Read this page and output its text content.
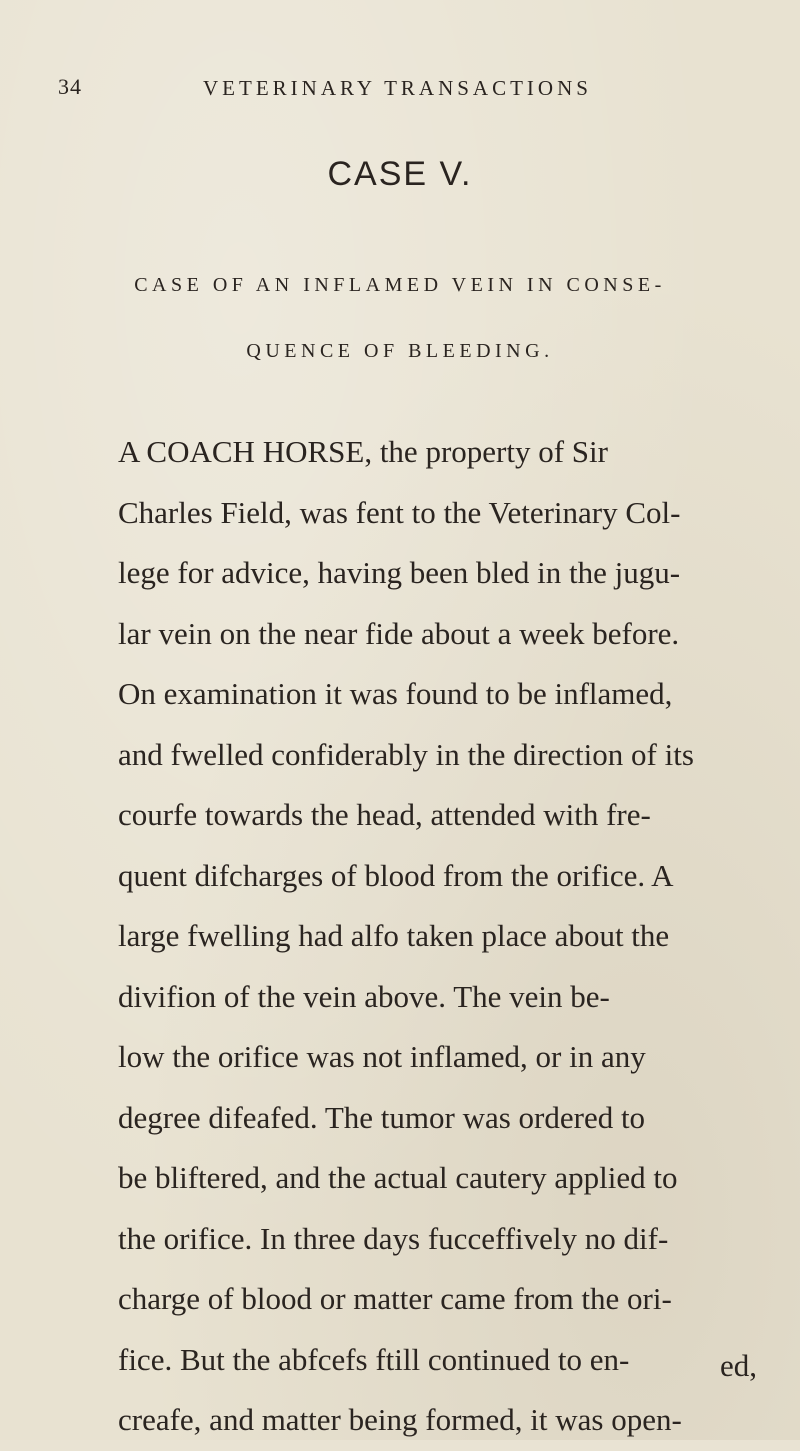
34	VETERINARY TRANSACTIONS
CASE V.
CASE OF AN INFLAMED VEIN IN CONSE-
QUENCE OF BLEEDING.
A COACH HORSE, the property of Sir
Charles Field, was fent to the Veterinary Col-
lege for advice, having been bled in the jugu-
lar vein on the near fide about a week before.
On examination it was found to be inflamed,
and fwelled confiderably in the direction of its
courfe towards the head, attended with fre-
quent difcharges of blood from the orifice. A
large fwelling had alfo taken place about the
divifion of the vein above. The vein be-
low the orifice was not inflamed, or in any
degree difeafed. The tumor was ordered to
be bliftered, and the actual cautery applied to
the orifice. In three days fucceffively no dif-
charge of blood or matter came from the ori-
fice. But the abfcefs ftill continued to en-
creafe, and matter being formed, it was open-
ed,
